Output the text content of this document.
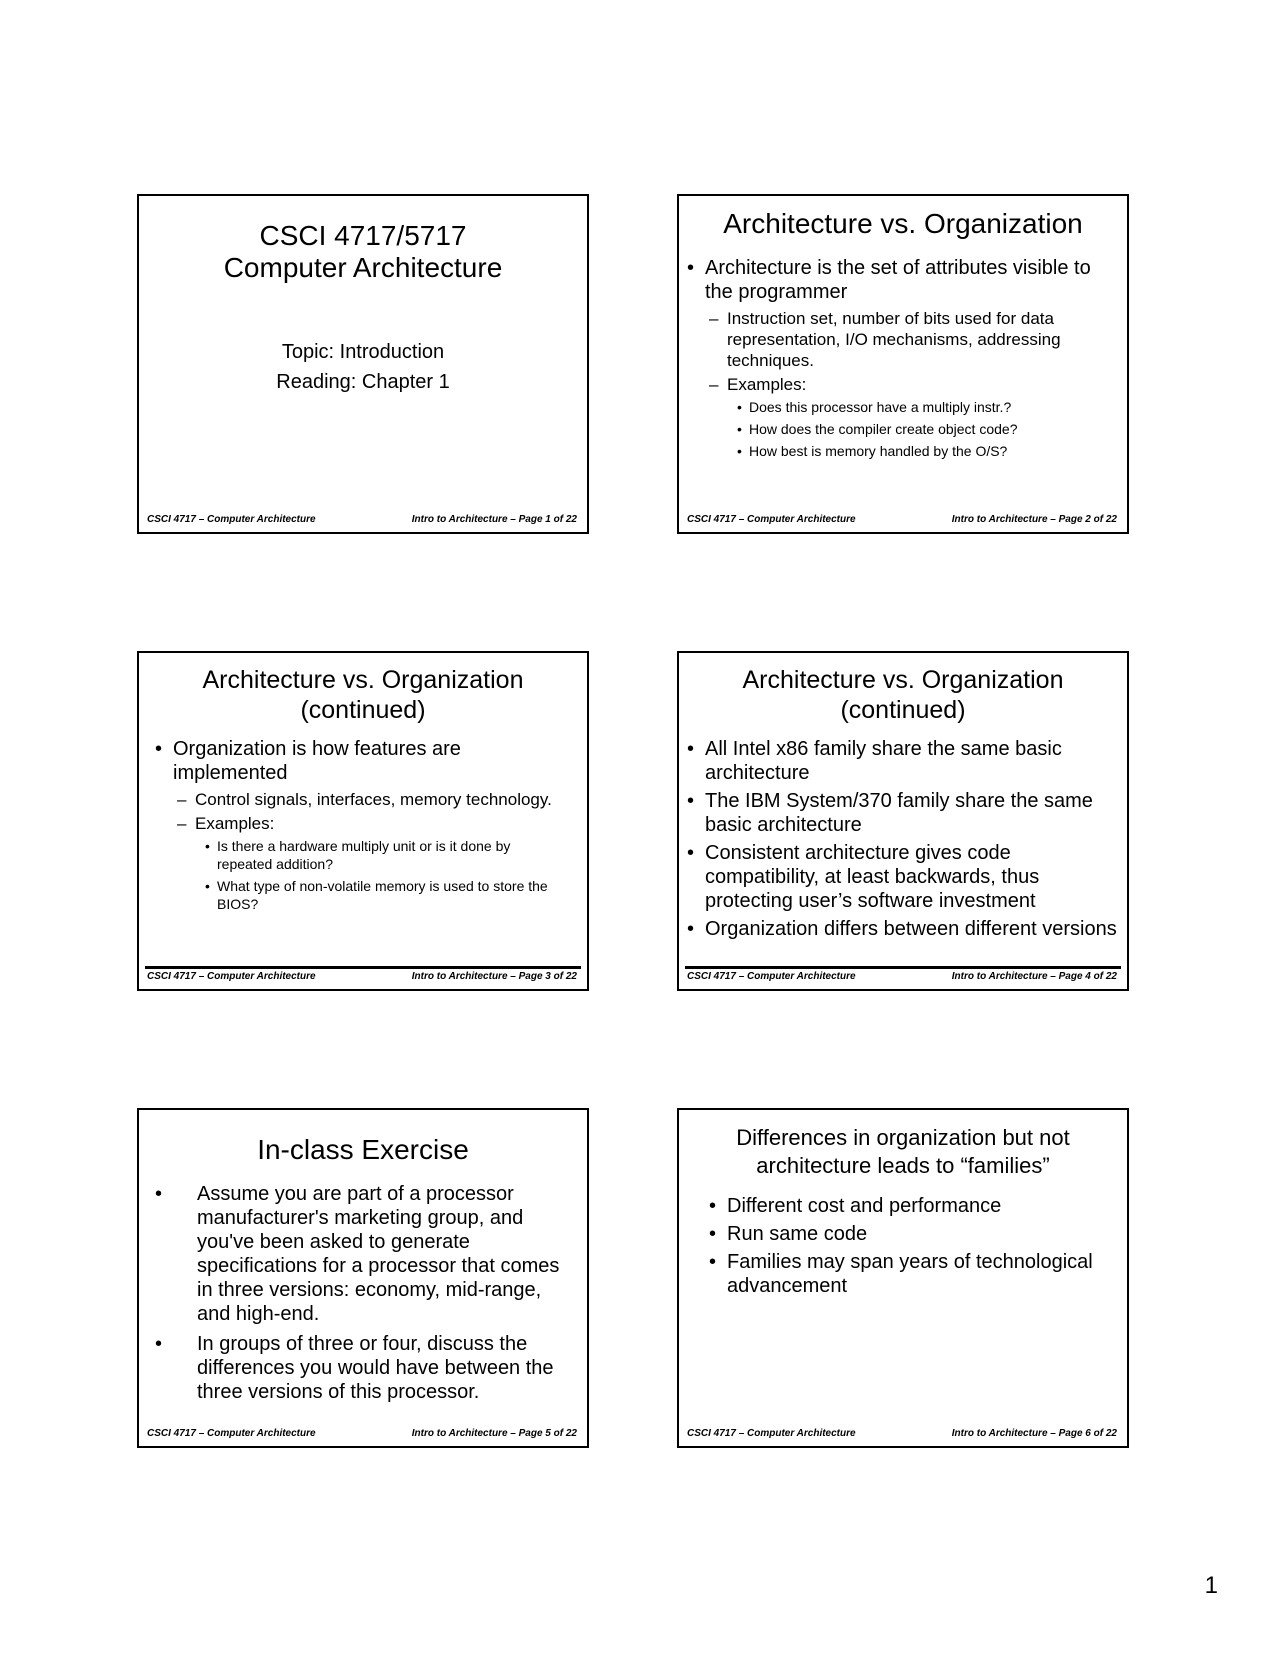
CSCI 4717/5717
Computer Architecture
Topic: Introduction
Reading: Chapter 1
CSCI 4717 – Computer Architecture	Intro to Architecture – Page 1 of 22
Architecture vs. Organization
• Architecture is the set of attributes visible to the programmer
– Instruction set, number of bits used for data representation, I/O mechanisms, addressing techniques.
– Examples:
• Does this processor have a multiply instr.?
• How does the compiler create object code?
• How best is memory handled by the O/S?
CSCI 4717 – Computer Architecture	Intro to Architecture – Page 2 of 22
Architecture vs. Organization
(continued)
• Organization is how features are implemented
– Control signals, interfaces, memory technology.
– Examples:
• Is there a hardware multiply unit or is it done by repeated addition?
• What type of non-volatile memory is used to store the BIOS?
CSCI 4717 – Computer Architecture	Intro to Architecture – Page 3 of 22
Architecture vs. Organization
(continued)
• All Intel x86 family share the same basic architecture
• The IBM System/370 family share the same basic architecture
• Consistent architecture gives code compatibility, at least backwards, thus protecting user’s software investment
• Organization differs between different versions
CSCI 4717 – Computer Architecture	Intro to Architecture – Page 4 of 22
In-class Exercise
• Assume you are part of a processor manufacturer's marketing group, and you've been asked to generate specifications for a processor that comes in three versions: economy, mid-range, and high-end.
• In groups of three or four, discuss the differences you would have between the three versions of this processor.
CSCI 4717 – Computer Architecture	Intro to Architecture – Page 5 of 22
Differences in organization but not
architecture leads to “families”
• Different cost and performance
• Run same code
• Families may span years of technological advancement
CSCI 4717 – Computer Architecture	Intro to Architecture – Page 6 of 22
1
